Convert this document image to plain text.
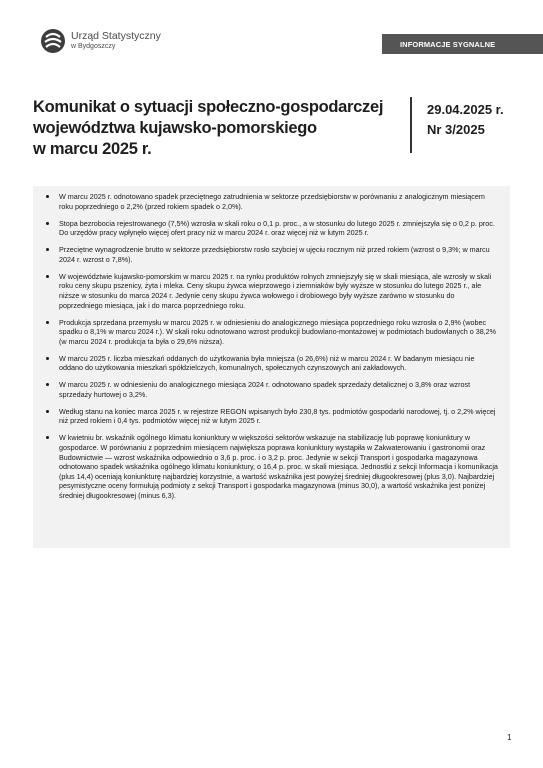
Urząd Statystyczny
w Bydgoszczy	INFORMACJE SYGNALNE
Komunikat o sytuacji społeczno-gospodarczej
województwa kujawsko-pomorskiego
w marcu 2025 r.
29.04.2025 r.
Nr 3/2025
W marcu 2025 r. odnotowano spadek przeciętnego zatrudnienia w sektorze przedsiębiorstw w porównaniu z analogicznym miesiącem roku poprzedniego o 2,2% (przed rokiem spadek o 2,0%).
Stopa bezrobocia rejestrowanego (7,5%) wzrosła w skali roku o 0,1 p. proc., a w stosunku do lutego 2025 r. zmniejszyła się o 0,2 p. proc. Do urzędów pracy wpłynęło więcej ofert pracy niż w marcu 2024 r. oraz więcej niż w lutym 2025 r.
Przeciętne wynagrodzenie brutto w sektorze przedsiębiorstw rosło szybciej w ujęciu rocznym niż przed rokiem (wzrost o 9,3%; w marcu 2024 r. wzrost o 7,8%).
W województwie kujawsko-pomorskim w marcu 2025 r. na rynku produktów rolnych zmniejszyły się w skali miesiąca, ale wzrosły w skali roku ceny skupu pszenicy, żyta i mleka. Ceny skupu żywca wieprzowego i ziemniaków były wyższe w stosunku do lutego 2025 r., ale niższe w stosunku do marca 2024 r. Jedynie ceny skupu żywca wołowego i drobiowego były wyższe zarówno w stosunku do poprzedniego miesiąca, jak i do marca poprzedniego roku.
Produkcja sprzedana przemysłu w marcu 2025 r. w odniesieniu do analogicznego miesiąca poprzedniego roku wzrosła o 2,9% (wobec spadku o 8,1% w marcu 2024 r.). W skali roku odnotowano wzrost produkcji budowlano-montażowej w podmiotach budowlanych o 38,2% (w marcu 2024 r. produkcja ta była o 29,6% niższa).
W marcu 2025 r. liczba mieszkań oddanych do użytkowania była mniejsza (o 26,6%) niż w marcu 2024 r. W badanym miesiącu nie oddano do użytkowania mieszkań spółdzielczych, komunalnych, społecznych czynszowych ani zakładowych.
W marcu 2025 r. w odniesieniu do analogicznego miesiąca 2024 r. odnotowano spadek sprzedaży detalicznej o 3,8% oraz wzrost sprzedaży hurtowej o 3,2%.
Według stanu na koniec marca 2025 r. w rejestrze REGON wpisanych było 230,8 tys. podmiotów gospodarki narodowej, tj. o 2,2% więcej niż przed rokiem i 0,4 tys. podmiotów więcej niż w lutym 2025 r.
W kwietniu br. wskaźnik ogólnego klimatu koniunktury w większości sektorów wskazuje na stabilizację lub poprawę koniunktury w gospodarce. W porównaniu z poprzednim miesiącem największa poprawa koniunktury wystąpiła w Zakwaterowaniu i gastronomii oraz Budownictwie — wzrost wskaźnika odpowiednio o 3,6 p. proc. i o 3,2 p. proc. Jedynie w sekcji Transport i gospodarka magazynowa odnotowano spadek wskaźnika ogólnego klimatu koniunktury, o 16,4 p. proc. w skali miesiąca. Jednostki z sekcji Informacja i komunikacja (plus 14,4) oceniają koniunkturę najbardziej korzystnie, a wartość wskaźnika jest powyżej średniej długookresowej (plus 3,0). Najbardziej pesymistyczne oceny formułują podmioty z sekcji Transport i gospodarka magazynowa (minus 30,0), a wartość wskaźnika jest poniżej średniej długookresowej (minus 6,3).
1
